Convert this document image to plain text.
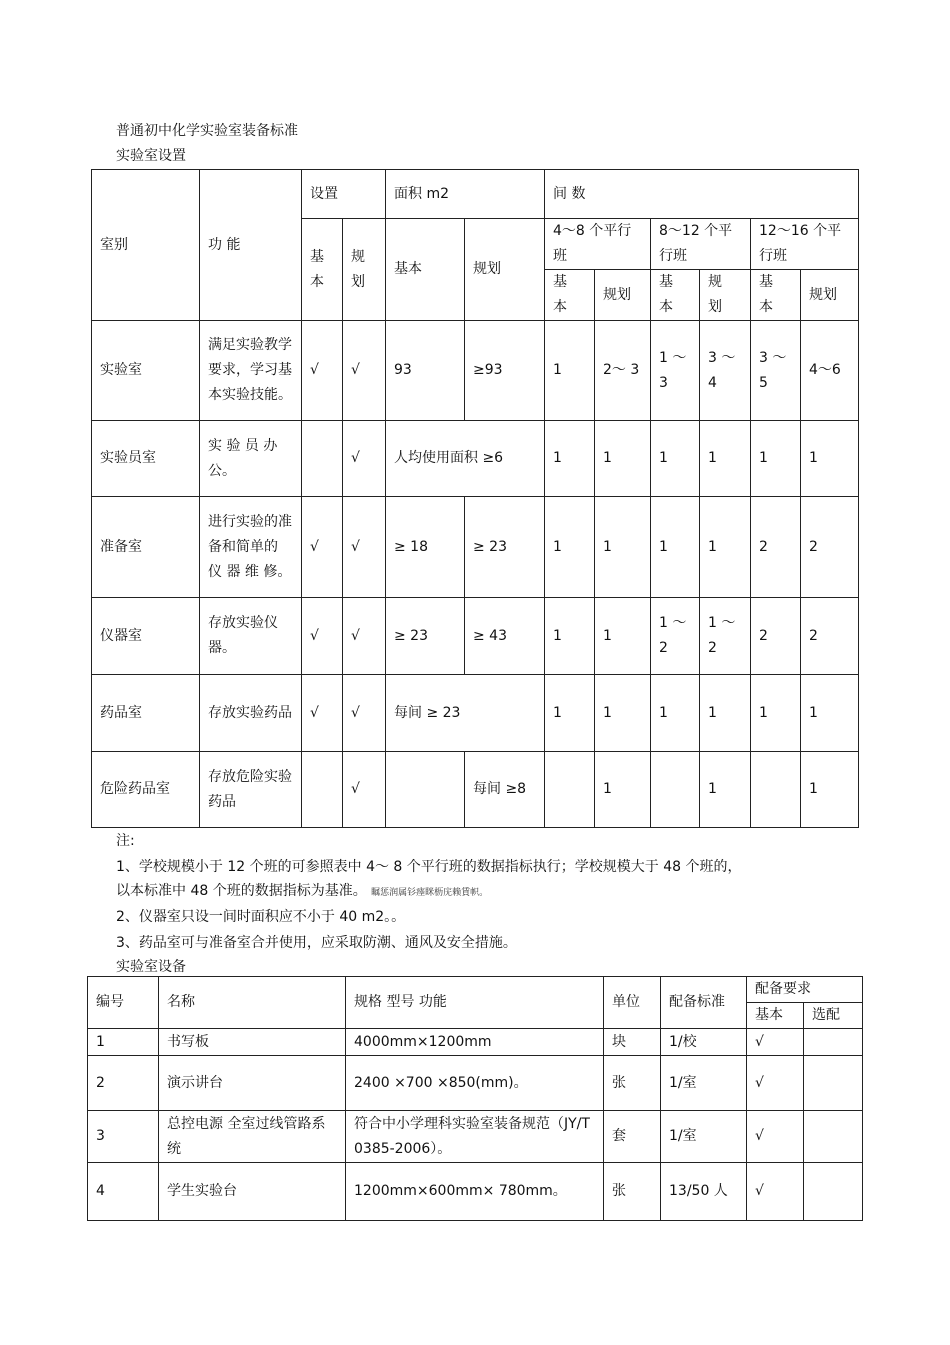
普通初中化学实验室装备标准
实验室设置
室别	功 能	设置		面积 m2		间 数					
		基本	规划	基本	规划	4～8 个平行班		8～12 个平行班		12～16 个平行班	
						基本	规划	基本	规划	基本	规划
实验室	满足实验教学要求，学习基本实验技能。	√	√	93	≥93	1	2～ 3	1 ～ 3	3 ～ 4	3 ～ 5	4～6
实验员室	实 验 员 办 公。		√	人均使用面积 ≥6		1	1	1	1	1	1
准备室	进行实验的准备和简单的 仪 器 维 修。	√	√	≥ 18	≥ 23	1	1	1	1	2	2
仪器室	存放实验仪器。	√	√	≥ 23	≥ 43	1	1	1 ～ 2	1 ～ 2	2	2
药品室	存放实验药品	√	√	每间 ≥ 23		1	1	1	1	1	1
危险药品室	存放危险实验药品		√		每间 ≥8		1		1		1
注:
1、学校规模小于 12 个班的可参照表中 4～ 8 个平行班的数据指标执行；学校规模大于 48 个班的，
以本标准中 48 个班的数据指标为基准。 瞩惩润属钐瘗眯枥庑赖賃帜。
2、仪器室只设一间时面积应不小于 40 m2。。
3、药品室可与准备室合并使用，应采取防潮、通风及安全措施。
实验室设备
编号	名称	规格 型号 功能	单位	配备标准	配备要求	
					基本	选配
1	书写板	4000mm×1200mm	块	1/校	√	
2	演示讲台	2400 ×700 ×850(mm)。	张	1/室	√	
3	总控电源 全室过线管路系统	符合中小学理科实验室装备规范（JY/T0385-2006）。	套	1/室	√	
4	学生实验台	1200mm×600mm× 780mm。	张	13/50 人	√	
